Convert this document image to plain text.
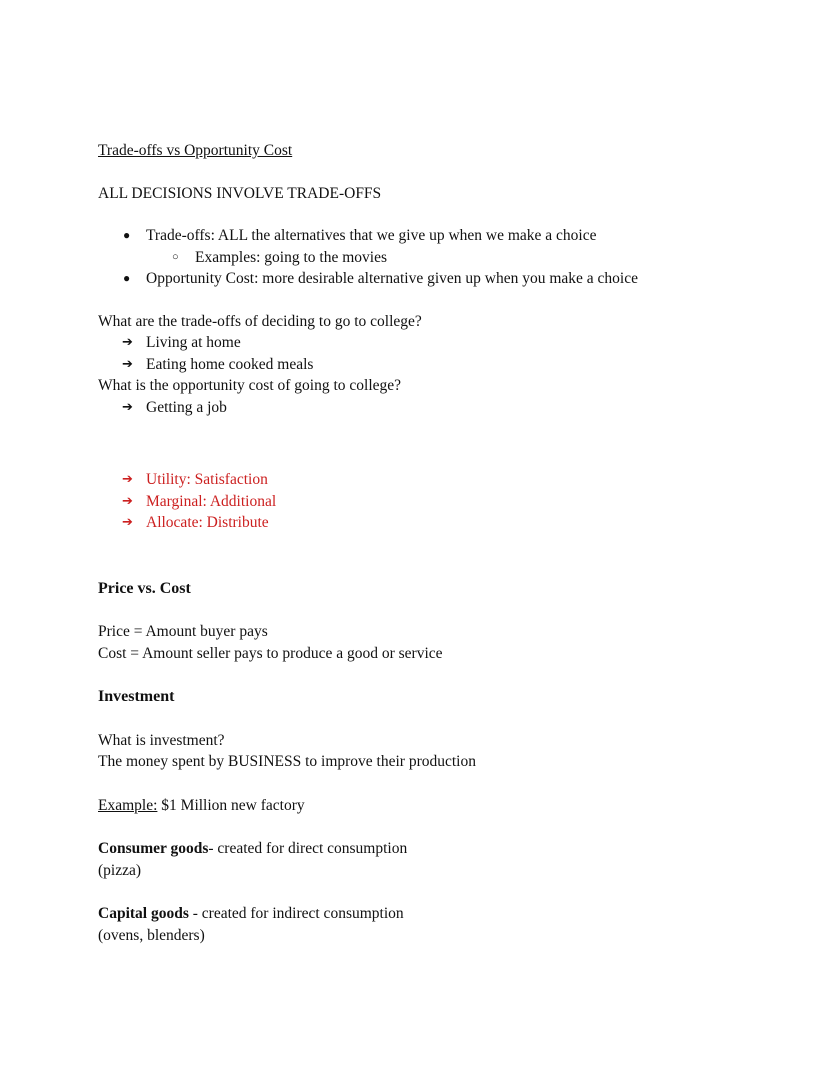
Trade-offs vs Opportunity Cost
ALL DECISIONS INVOLVE TRADE-OFFS
● Trade-offs: ALL the alternatives that we give up when we make a choice
○ Examples: going to the movies
● Opportunity Cost: more desirable alternative given up when you make a choice
What are the trade-offs of deciding to go to college?
➔ Living at home
➔ Eating home cooked meals
What is the opportunity cost of going to college?
➔ Getting a job
➔ Utility: Satisfaction
➔ Marginal: Additional
➔ Allocate: Distribute
Price vs. Cost
Price = Amount buyer pays
Cost = Amount seller pays to produce a good or service
Investment
What is investment?
The money spent by BUSINESS to improve their production
Example: $1 Million new factory
Consumer goods- created for direct consumption
(pizza)
Capital goods - created for indirect consumption
(ovens, blenders)
